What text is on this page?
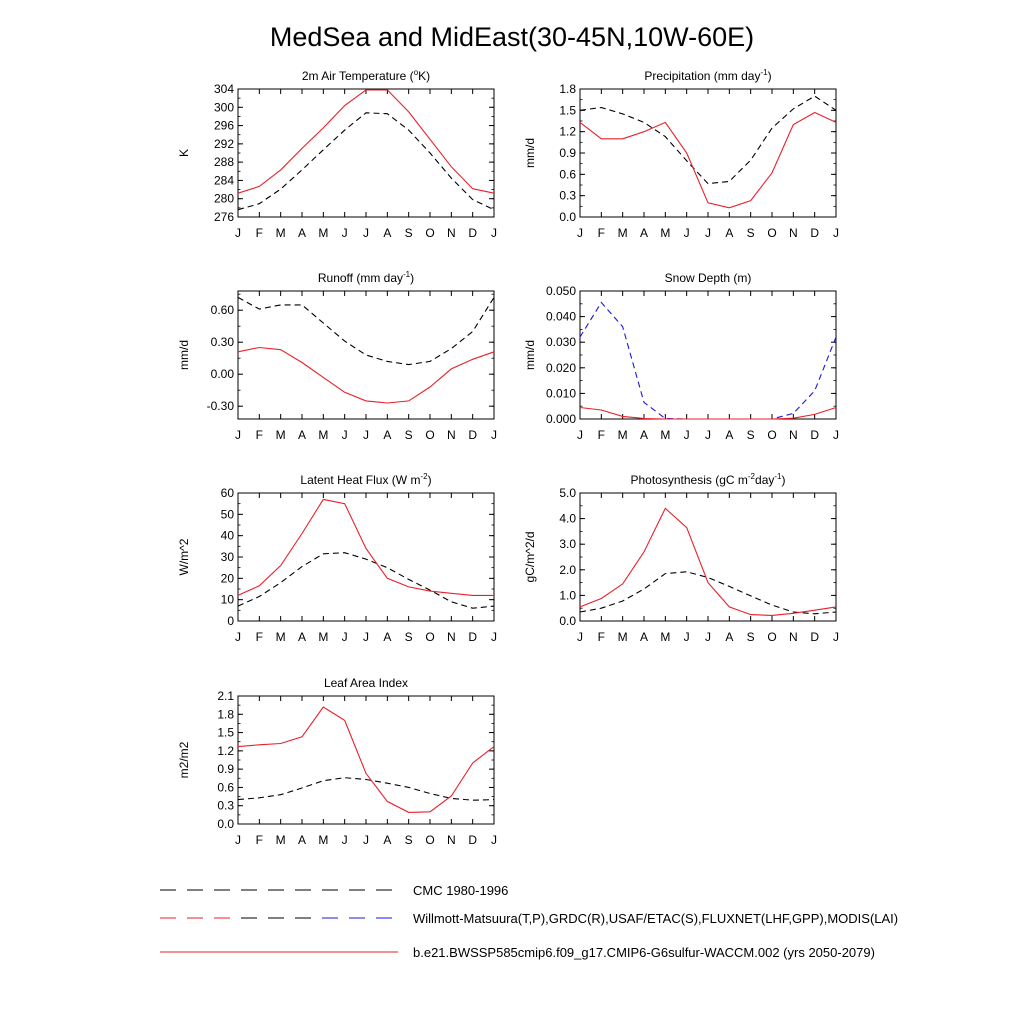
MedSea and MidEast(30-45N,10W-60E)
2m Air Temperature ($^o$K)
K
276
280
284
288
292
296
300
304
J F M A M J J A S O N D J
Precipitation (mm day$^{-1}$)
mm/d
0.0
0.3
0.6
0.9
1.2
1.5
1.8
J F M A M J J A S O N D J
Runoff (mm day$^{-1}$)
mm/d
-0.30
0.00
0.30
0.60
J F M A M J J A S O N D J
Snow Depth (m)
mm/d
0.000
0.010
0.020
0.030
0.040
0.050
J F M A M J J A S O N D J
Latent Heat Flux (W $m^{-2}$)
W/m^2
0
10
20
30
40
50
60
J F M A M J J A S O N D J
Photosynthesis (gC $m^{-2}day^{-1}$)
gC/m^2/d
0.0
1.0
2.0
3.0
4.0
5.0
J F M A M J J A S O N D J
Leaf Area Index
m2/m2
0.0
0.3
0.6
0.9
1.2
1.5
1.8
2.1
J F M A M J J A S O N D J
CMC 1980-1996
Willmott-Matsuura(T,P),GRDC(R),USAF/ETAC(S),FLUXNET(LHF,GPP),MODIS(LAI)
b.e21.BWSSP585cmip6.f09_g17.CMIP6-G6sulfur-WACCM.002 (yrs 2050-2079)
